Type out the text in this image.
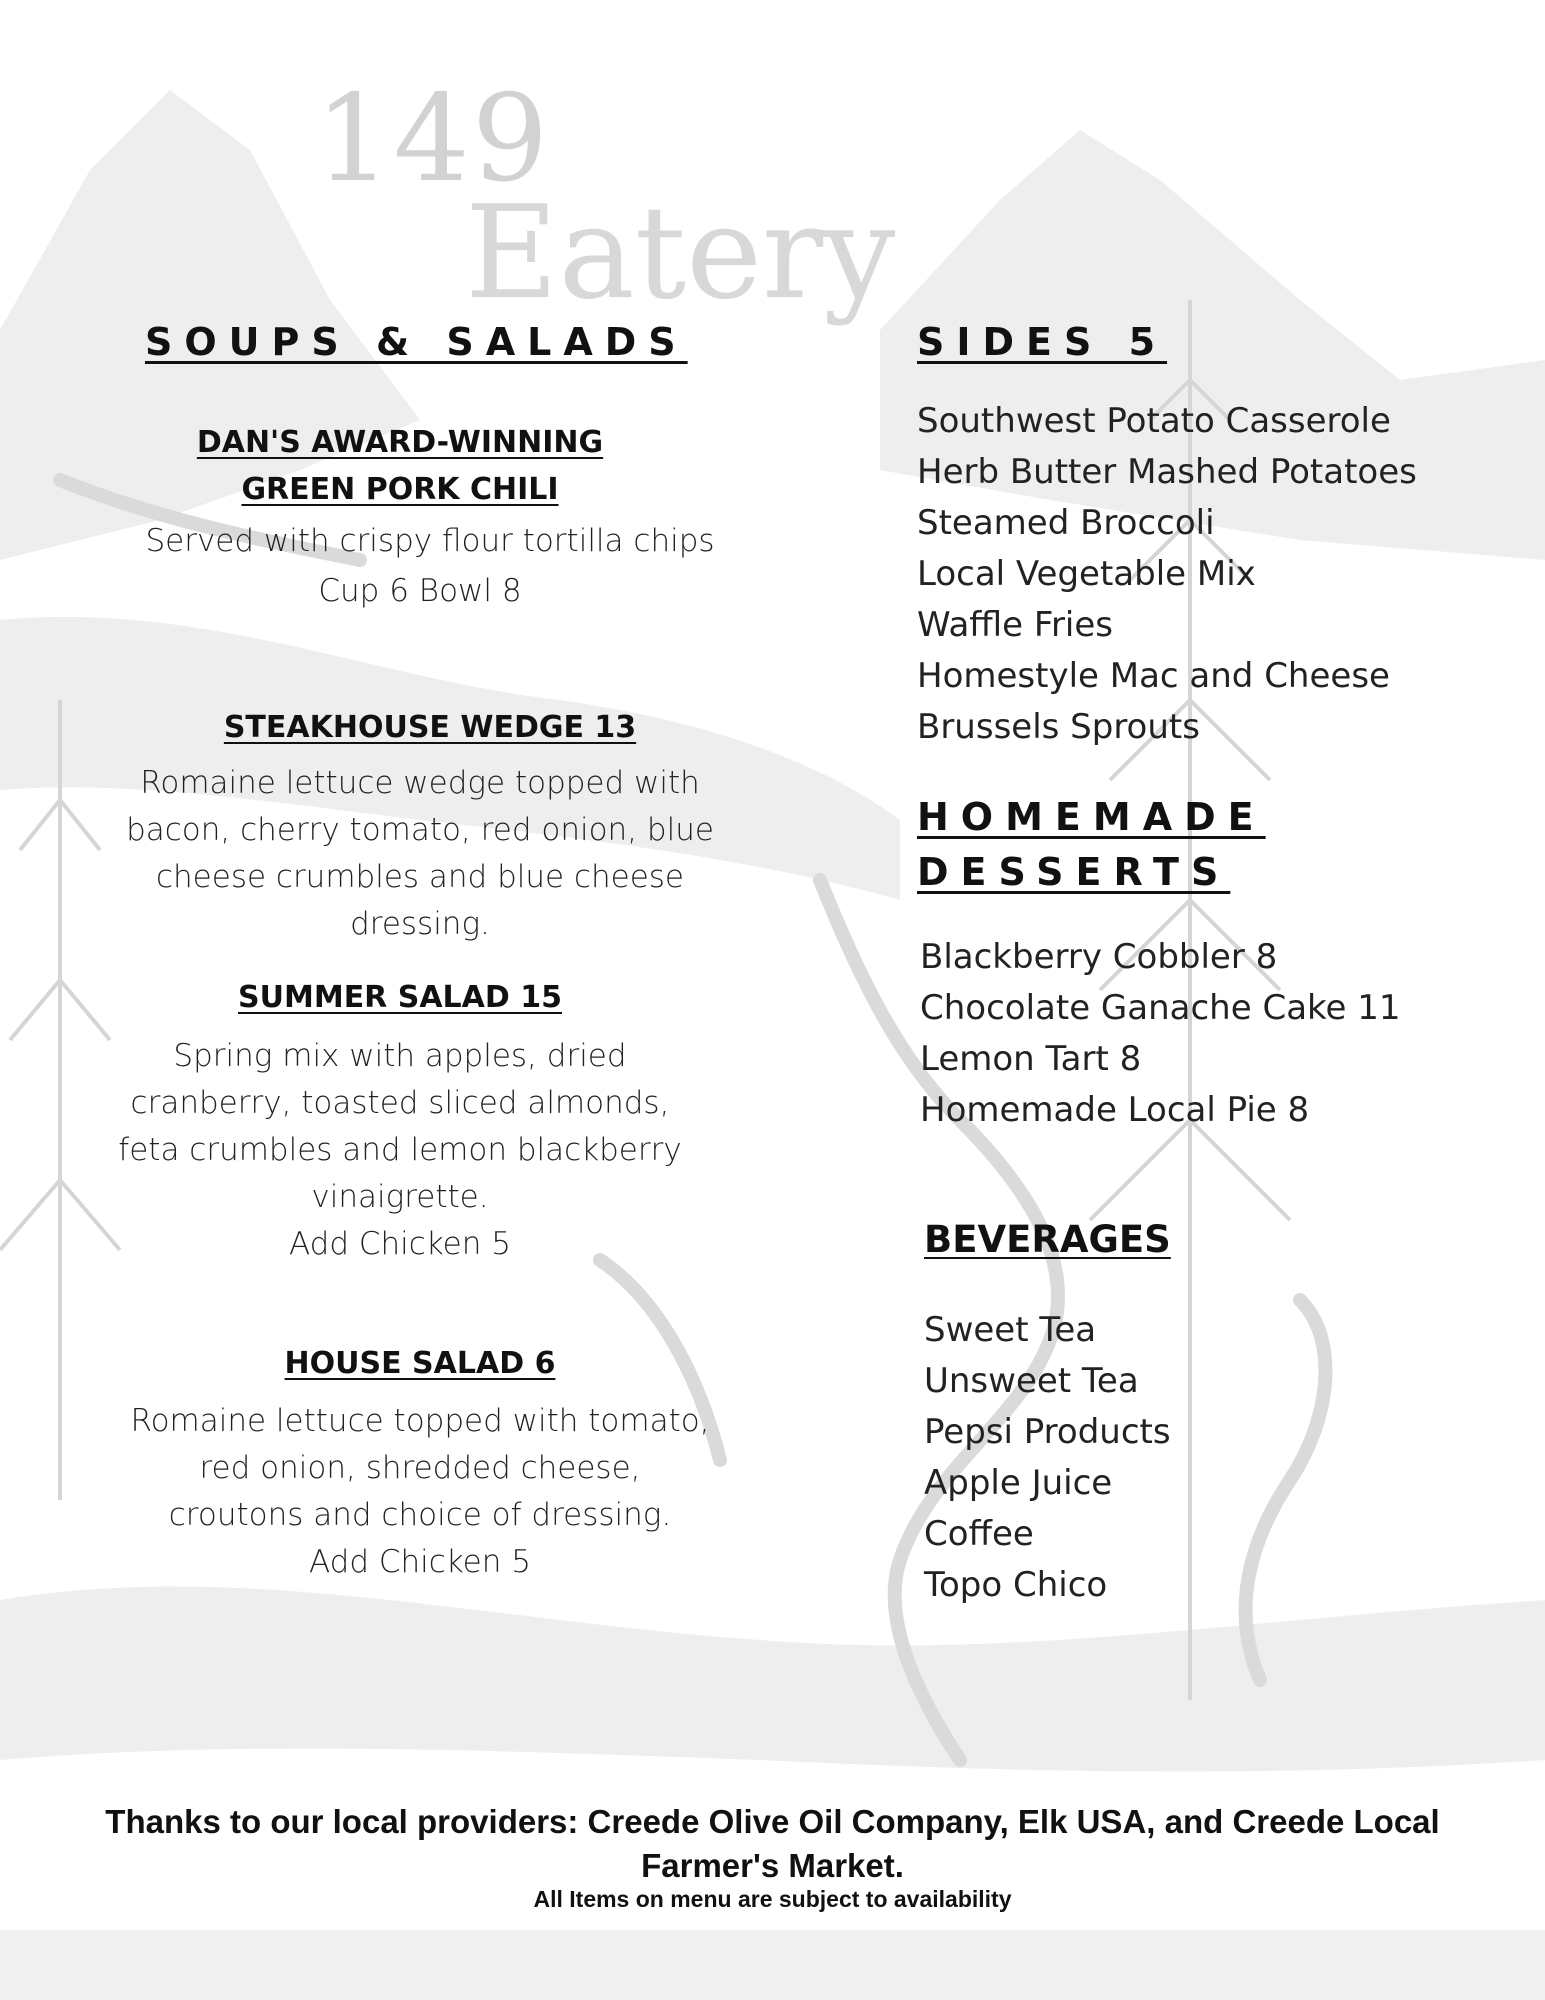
149
Eatery
SOUPS & SALADS
DAN'S AWARD-WINNING
GREEN PORK CHILI
Served with crispy flour tortilla chips
Cup 6 Bowl 8
STEAKHOUSE WEDGE 13
Romaine lettuce wedge topped with
bacon, cherry tomato, red onion, blue
cheese crumbles and blue cheese
dressing.
SUMMER SALAD 15
Spring mix with apples, dried
cranberry, toasted sliced almonds,
feta crumbles and lemon blackberry
vinaigrette.
Add Chicken 5
HOUSE SALAD 6
Romaine lettuce topped with tomato,
red onion, shredded cheese,
croutons and choice of dressing.
Add Chicken 5
SIDES 5
Southwest Potato Casserole
Herb Butter Mashed Potatoes
Steamed Broccoli
Local Vegetable Mix
Waffle Fries
Homestyle Mac and Cheese
Brussels Sprouts
HOMEMADE
DESSERTS
Blackberry Cobbler 8
Chocolate Ganache Cake 11
Lemon Tart 8
Homemade Local Pie 8
BEVERAGES
Sweet Tea
Unsweet Tea
Pepsi Products
Apple Juice
Coffee
Topo Chico
Thanks to our local providers: Creede Olive Oil Company, Elk USA, and Creede Local Farmer's Market.
All Items on menu are subject to availability
